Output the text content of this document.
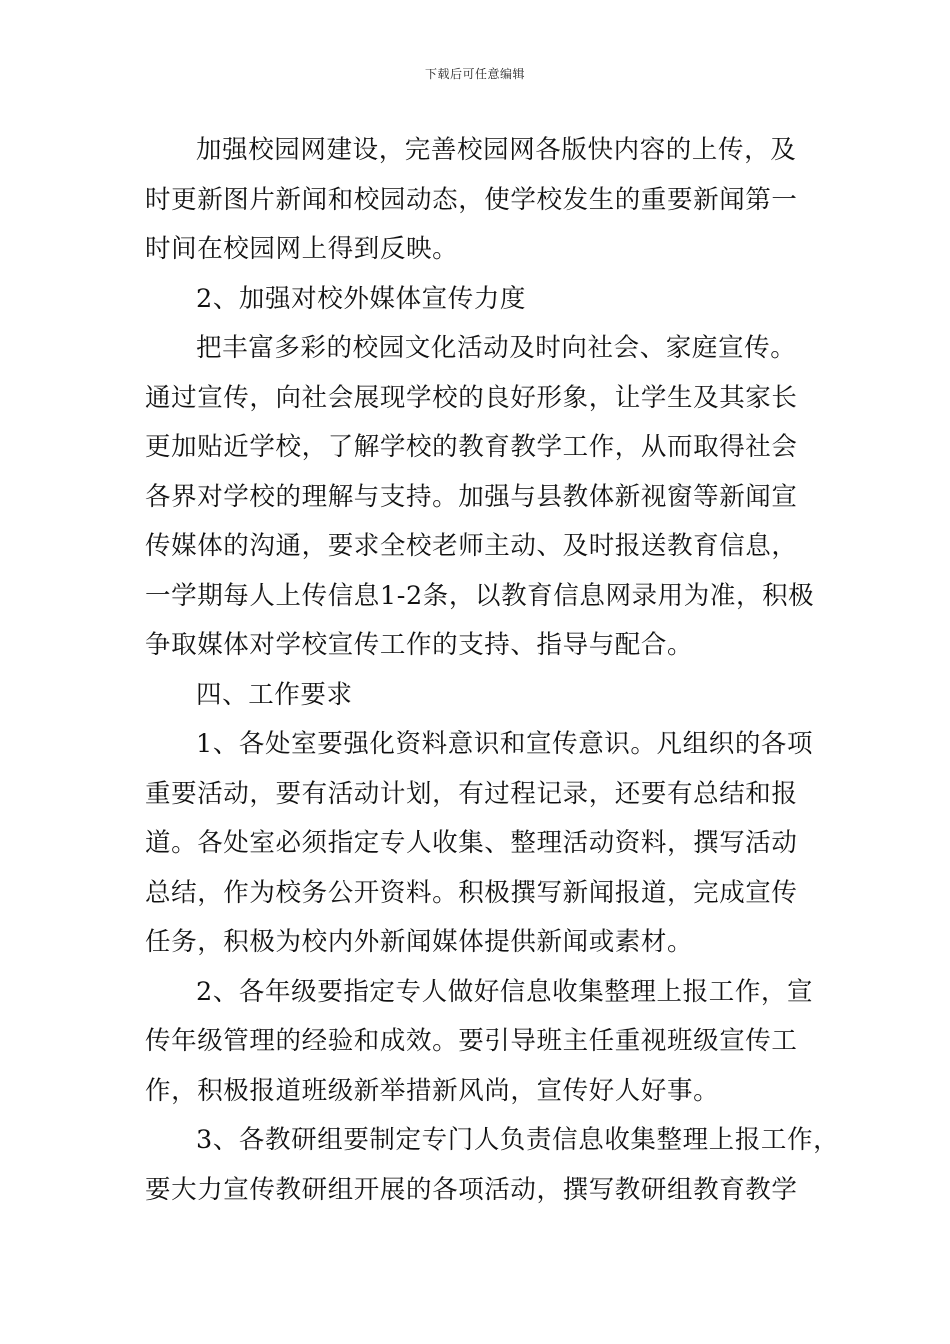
下载后可任意编辑
加强校园网建设，完善校园网各版快内容的上传，及
时更新图片新闻和校园动态，使学校发生的重要新闻第一
时间在校园网上得到反映。
2、加强对校外媒体宣传力度
把丰富多彩的校园文化活动及时向社会、家庭宣传。
通过宣传，向社会展现学校的良好形象，让学生及其家长
更加贴近学校，了解学校的教育教学工作，从而取得社会
各界对学校的理解与支持。加强与县教体新视窗等新闻宣
传媒体的沟通，要求全校老师主动、及时报送教育信息，
一学期每人上传信息1-2条，以教育信息网录用为准，积极
争取媒体对学校宣传工作的支持、指导与配合。
四、工作要求
1、各处室要强化资料意识和宣传意识。凡组织的各项
重要活动，要有活动计划，有过程记录，还要有总结和报
道。各处室必须指定专人收集、整理活动资料，撰写活动
总结，作为校务公开资料。积极撰写新闻报道，完成宣传
任务，积极为校内外新闻媒体提供新闻或素材。
2、各年级要指定专人做好信息收集整理上报工作，宣
传年级管理的经验和成效。要引导班主任重视班级宣传工
作，积极报道班级新举措新风尚，宣传好人好事。
3、各教研组要制定专门人负责信息收集整理上报工作，
要大力宣传教研组开展的各项活动，撰写教研组教育教学
